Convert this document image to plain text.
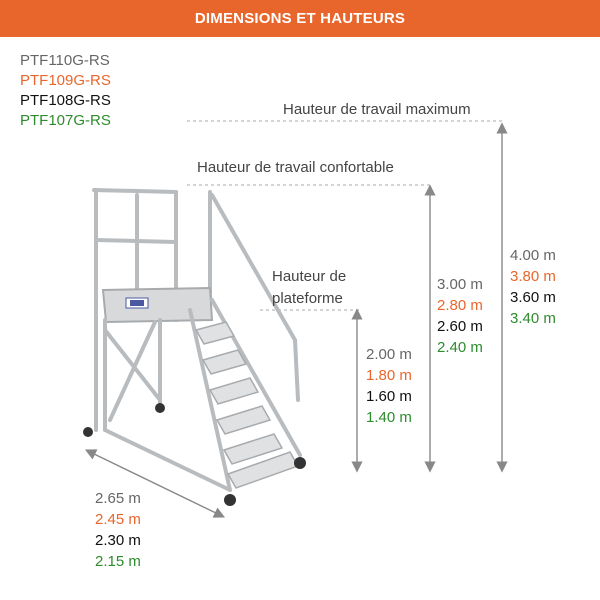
DIMENSIONS ET HAUTEURS
PTF110G-RS
PTF109G-RS
PTF108G-RS
PTF107G-RS
Hauteur de travail maximum
Hauteur de travail confortable
Hauteur de
plateforme
4.00 m
3.80 m
3.60 m
3.40 m
3.00 m
2.80 m
2.60 m
2.40 m
2.00 m
1.80 m
1.60 m
1.40 m
2.65 m
2.45 m
2.30 m
2.15 m
